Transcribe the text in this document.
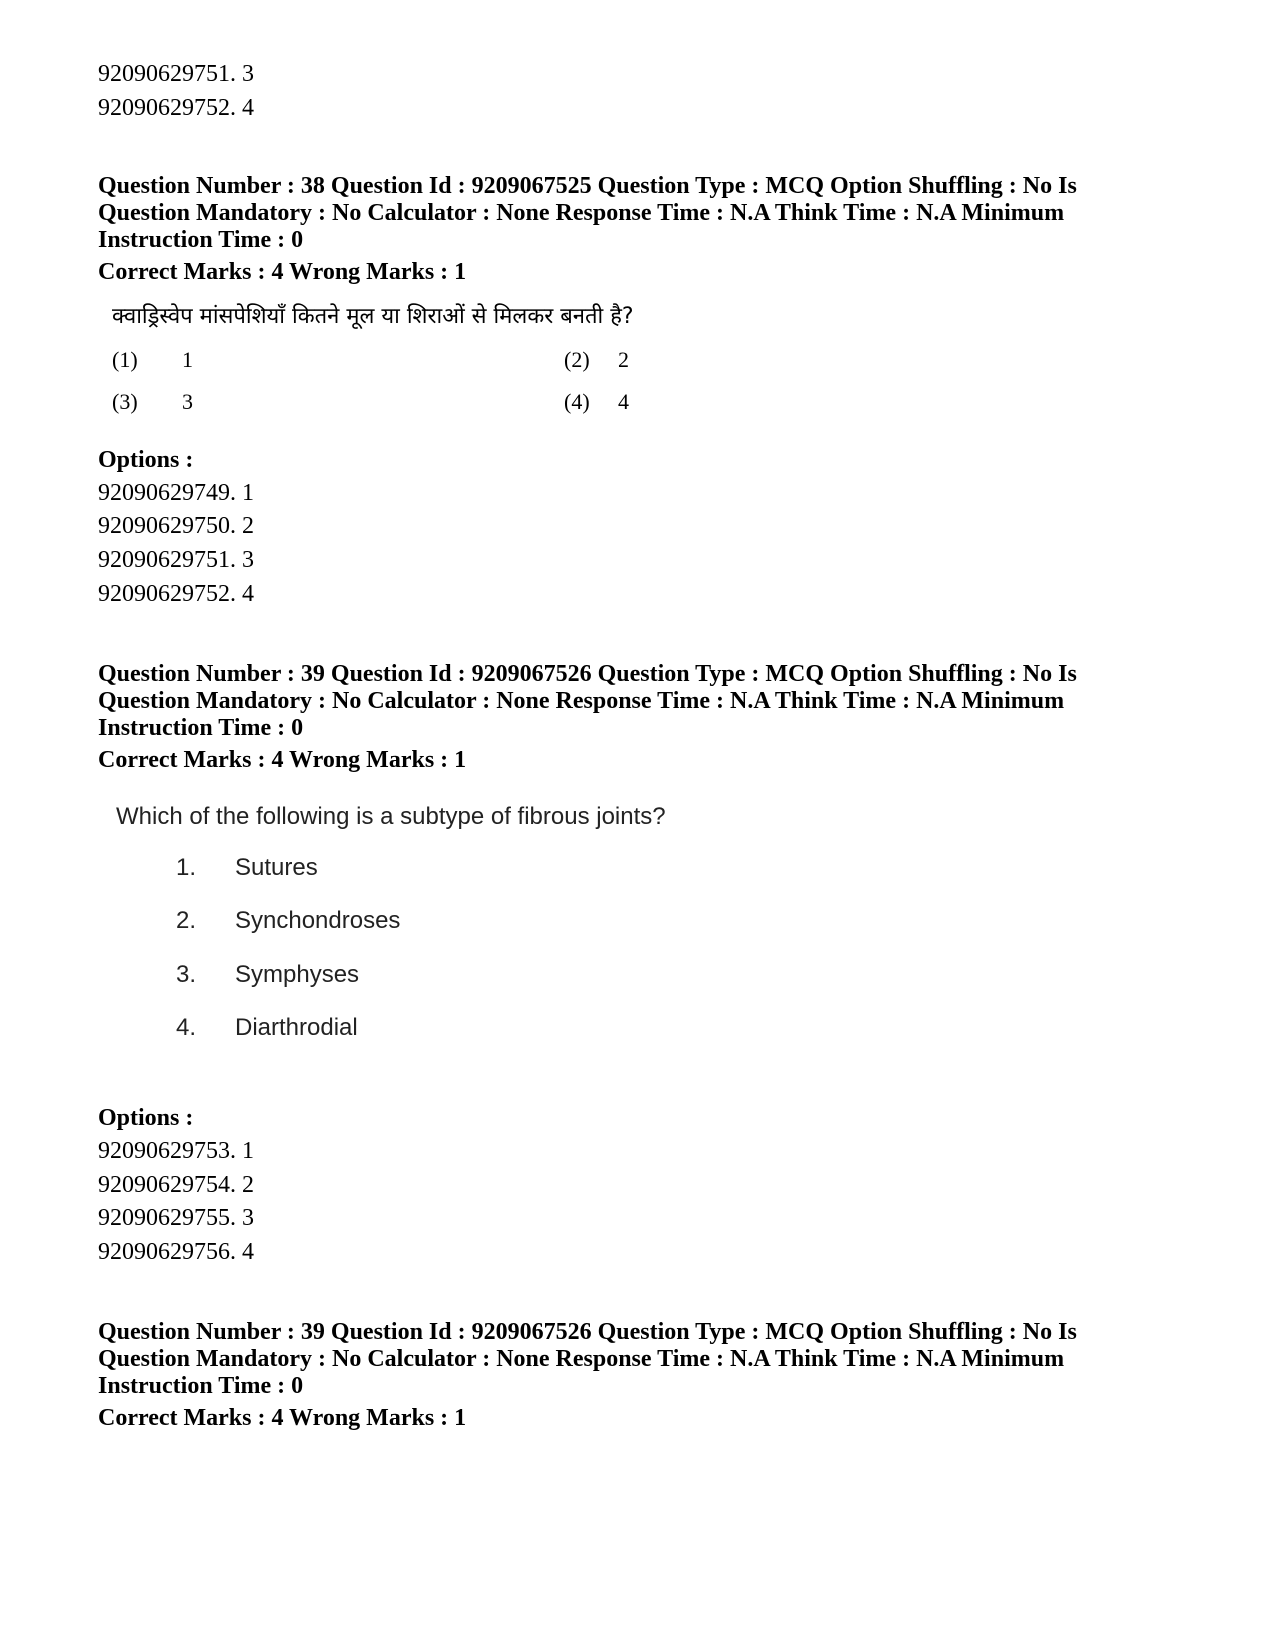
92090629751. 3
92090629752. 4
Question Number : 38 Question Id : 9209067525 Question Type : MCQ Option Shuffling : No Is
Question Mandatory : No Calculator : None Response Time : N.A Think Time : N.A Minimum
Instruction Time : 0
Correct Marks : 4 Wrong Marks : 1
क्वाड्रिस्वेप मांसपेशियाँ कितने मूल या शिराओं से मिलकर बनती है?
(1) 1	(2) 2
(3) 3	(4) 4
Options :
92090629749. 1
92090629750. 2
92090629751. 3
92090629752. 4
Question Number : 39 Question Id : 9209067526 Question Type : MCQ Option Shuffling : No Is
Question Mandatory : No Calculator : None Response Time : N.A Think Time : N.A Minimum
Instruction Time : 0
Correct Marks : 4 Wrong Marks : 1
Which of the following is a subtype of fibrous joints?
1. Sutures
2. Synchondroses
3. Symphyses
4. Diarthrodial
Options :
92090629753. 1
92090629754. 2
92090629755. 3
92090629756. 4
Question Number : 39 Question Id : 9209067526 Question Type : MCQ Option Shuffling : No Is
Question Mandatory : No Calculator : None Response Time : N.A Think Time : N.A Minimum
Instruction Time : 0
Correct Marks : 4 Wrong Marks : 1
